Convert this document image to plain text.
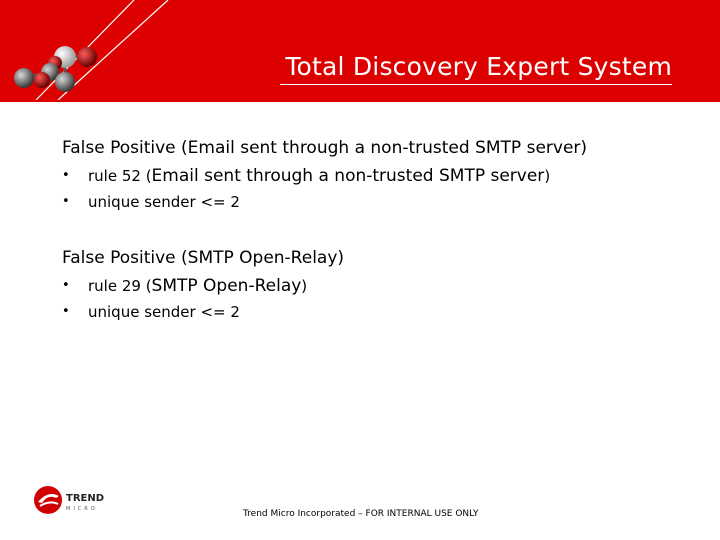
Total Discovery Expert System
False Positive (Email sent through a non-trusted SMTP server)
• rule 52 (Email sent through a non-trusted SMTP server)
• unique sender <= 2
False Positive (SMTP Open-Relay)
• rule 29 (SMTP Open-Relay)
• unique sender <= 2
TREND
MICRO	Trend Micro Incorporated – FOR INTERNAL USE ONLY
